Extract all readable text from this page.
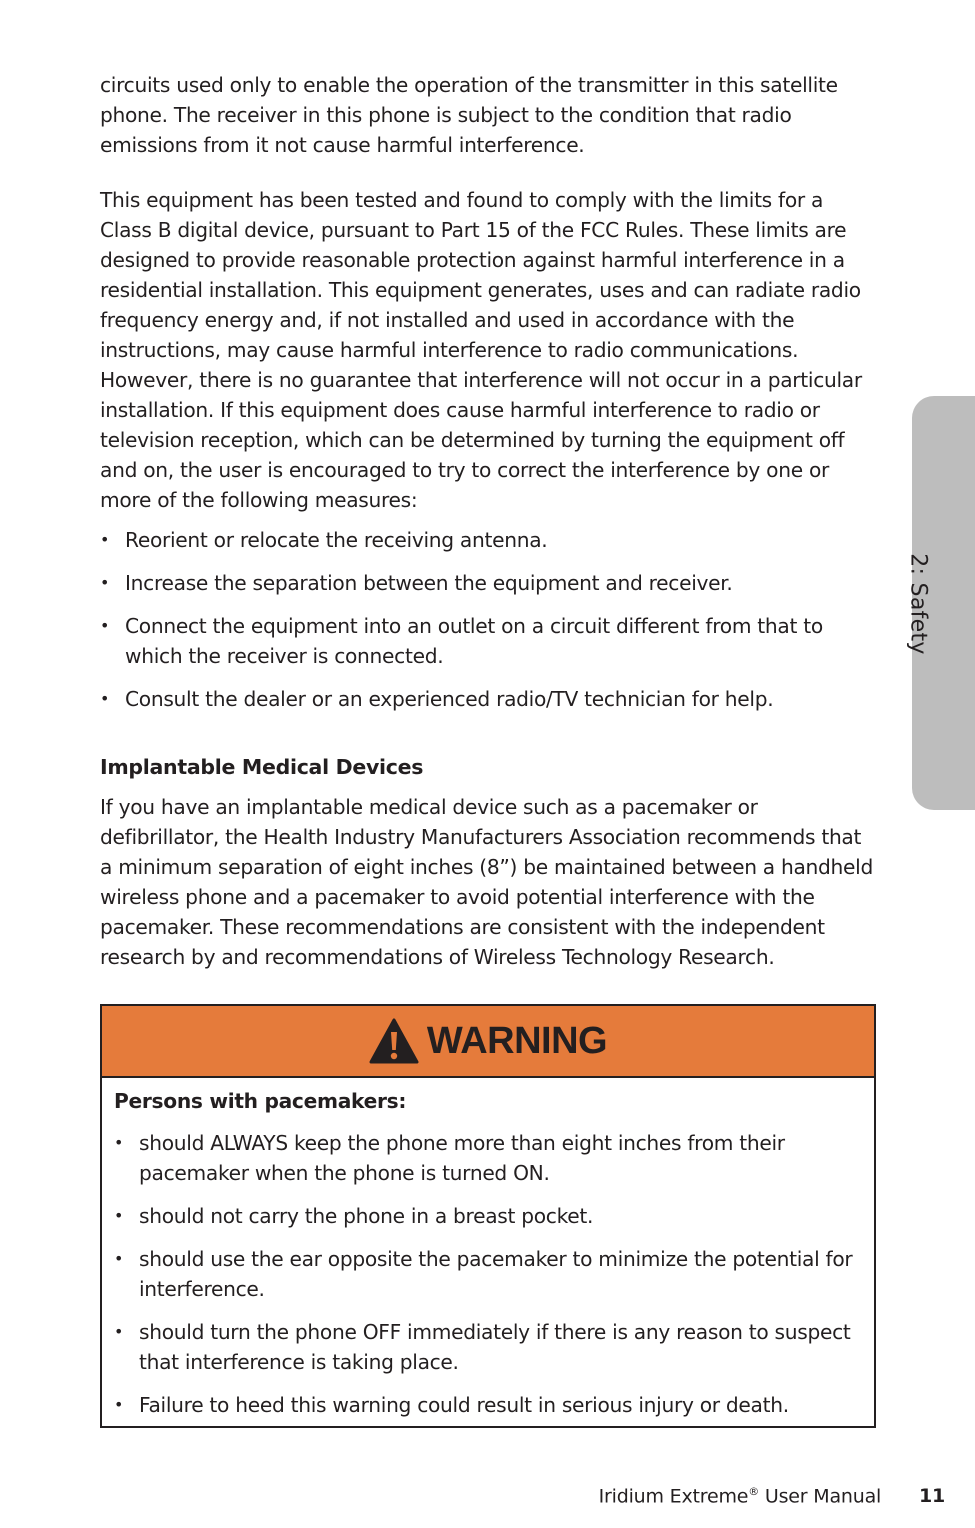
circuits used only to enable the operation of the transmitter in this satellite phone. The receiver in this phone is subject to the condition that radio emissions from it not cause harmful interference.

This equipment has been tested and found to comply with the limits for a Class B digital device, pursuant to Part 15 of the FCC Rules. These limits are designed to provide reasonable protection against harmful interference in a residential installation. This equipment generates, uses and can radiate radio frequency energy and, if not installed and used in accordance with the instructions, may cause harmful interference to radio communications. However, there is no guarantee that interference will not occur in a particular installation. If this equipment does cause harmful interference to radio or television reception, which can be determined by turning the equipment off and on, the user is encouraged to try to correct the interference by one or more of the following measures:

• Reorient or relocate the receiving antenna.
• Increase the separation between the equipment and receiver.
• Connect the equipment into an outlet on a circuit different from that to which the receiver is connected.
• Consult the dealer or an experienced radio/TV technician for help.
Implantable Medical Devices

If you have an implantable medical device such as a pacemaker or defibrillator, the Health Industry Manufacturers Association recommends that a minimum separation of eight inches (8”) be maintained between a handheld wireless phone and a pacemaker to avoid potential interference with the pacemaker. These recommendations are consistent with the independent research by and recommendations of Wireless Technology Research.

WARNING

Persons with pacemakers:

• should ALWAYS keep the phone more than eight inches from their pacemaker when the phone is turned ON.
• should not carry the phone in a breast pocket.
• should use the ear opposite the pacemaker to minimize the potential for interference.
• should turn the phone OFF immediately if there is any reason to suspect that interference is taking place.
• Failure to heed this warning could result in serious injury or death.
2: Safety
Iridium Extreme® User Manual 11
